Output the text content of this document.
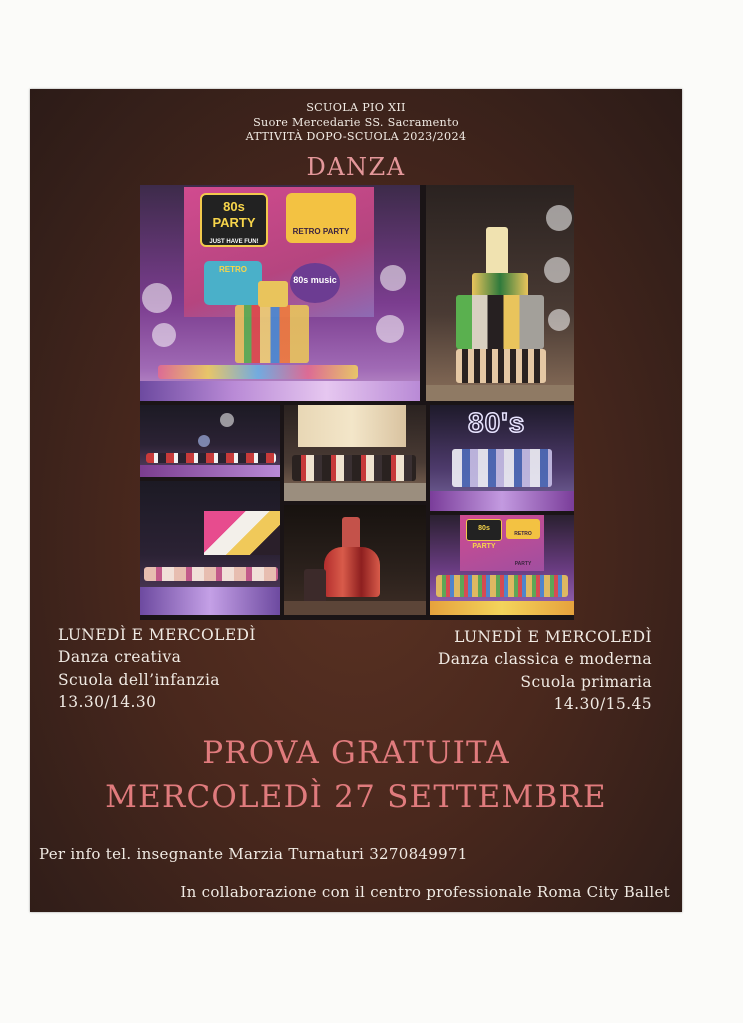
SCUOLA PIO XII
Suore Mercedarie SS. Sacramento
ATTIVITÀ DOPO-SCUOLA 2023/2024
DANZA
80s PARTY
JUST HAVE FUN!
RETRO PARTY
RETRO
80s music
80's
80s PARTY
RETRO PARTY
LUNEDÌ E MERCOLEDÌ
Danza creativa
Scuola dell’infanzia
13.30/14.30
LUNEDÌ E MERCOLEDÌ
Danza classica e moderna
Scuola primaria
14.30/15.45
PROVA GRATUITA
MERCOLEDÌ 27 SETTEMBRE
Per info tel. insegnante Marzia Turnaturi 3270849971
In collaborazione con il centro professionale Roma City Ballet
